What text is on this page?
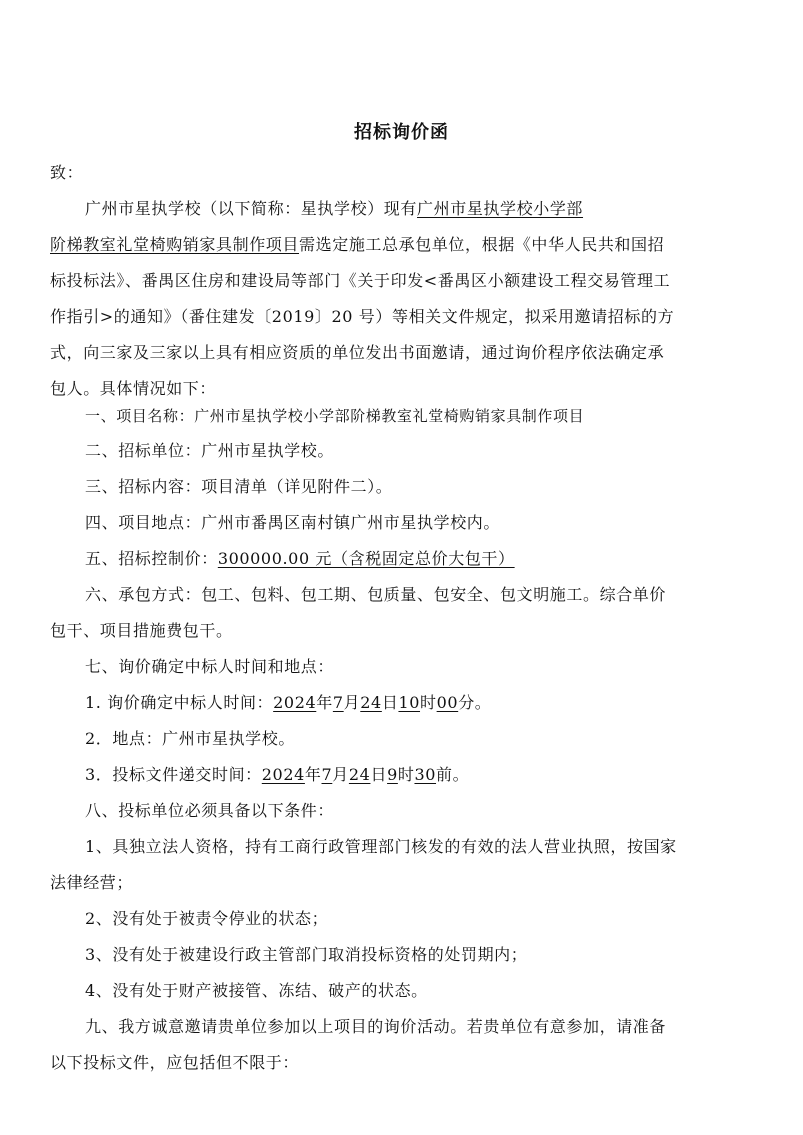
招标询价函
致：
广州市星执学校（以下简称：星执学校）现有广州市星执学校小学部
阶梯教室礼堂椅购销家具制作项目需选定施工总承包单位，根据《中华人民共和国招
标投标法》、番禺区住房和建设局等部门《关于印发<番禺区小额建设工程交易管理工
作指引>的通知》（番住建发〔2019〕20 号）等相关文件规定，拟采用邀请招标的方
式，向三家及三家以上具有相应资质的单位发出书面邀请，通过询价程序依法确定承
包人。具体情况如下：
一、项目名称：广州市星执学校小学部阶梯教室礼堂椅购销家具制作项目
二、招标单位：广州市星执学校。
三、招标内容：项目清单（详见附件二）。
四、项目地点：广州市番禺区南村镇广州市星执学校内。
五、招标控制价：300000.00 元（含税固定总价大包干）
六、承包方式：包工、包料、包工期、包质量、包安全、包文明施工。综合单价
包干、项目措施费包干。
七、询价确定中标人时间和地点：
1. 询价确定中标人时间：2024年7月24日10时00分。
2．地点：广州市星执学校。
3．投标文件递交时间：2024年7月24日9时30前。
八、投标单位必须具备以下条件：
1、具独立法人资格，持有工商行政管理部门核发的有效的法人营业执照，按国家
法律经营；
2、没有处于被责令停业的状态；
3、没有处于被建设行政主管部门取消投标资格的处罚期内；
4、没有处于财产被接管、冻结、破产的状态。
九、我方诚意邀请贵单位参加以上项目的询价活动。若贵单位有意参加，请准备
以下投标文件，应包括但不限于：
